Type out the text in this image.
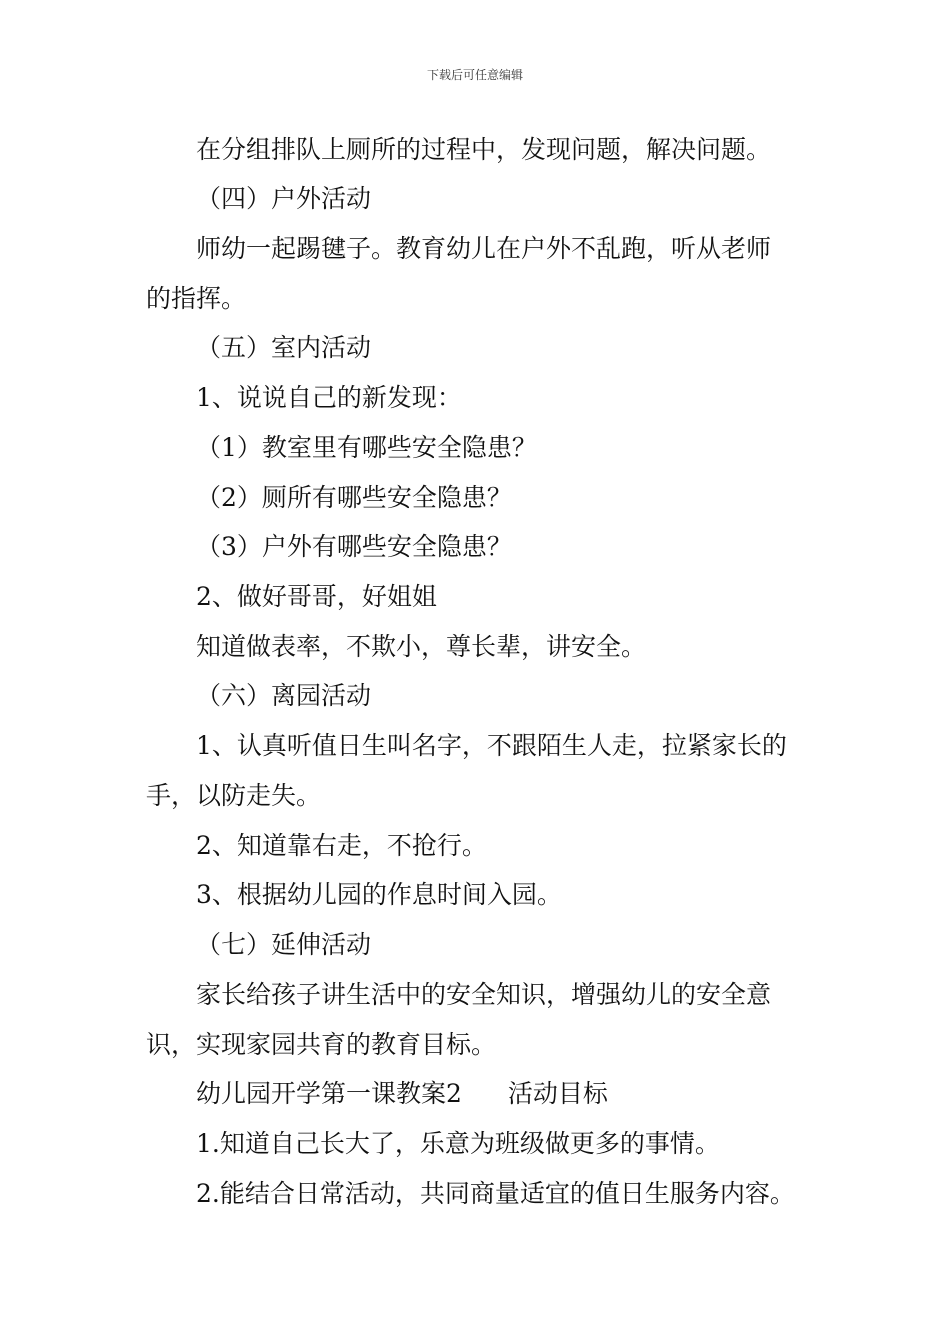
下载后可任意编辑
在分组排队上厕所的过程中，发现问题，解决问题。
（四）户外活动
师幼一起踢毽子。教育幼儿在户外不乱跑，听从老师
的指挥。
（五）室内活动
1、说说自己的新发现：
（1）教室里有哪些安全隐患？
（2）厕所有哪些安全隐患？
（3）户外有哪些安全隐患？
2、做好哥哥，好姐姐
知道做表率，不欺小，尊长辈，讲安全。
（六）离园活动
1、认真听值日生叫名字，不跟陌生人走，拉紧家长的
手，以防走失。
2、知道靠右走，不抢行。
3、根据幼儿园的作息时间入园。
（七）延伸活动
家长给孩子讲生活中的安全知识，增强幼儿的安全意
识，实现家园共育的教育目标。
幼儿园开学第一课教案2 活动目标
1.知道自己长大了，乐意为班级做更多的事情。
2.能结合日常活动，共同商量适宜的值日生服务内容。
